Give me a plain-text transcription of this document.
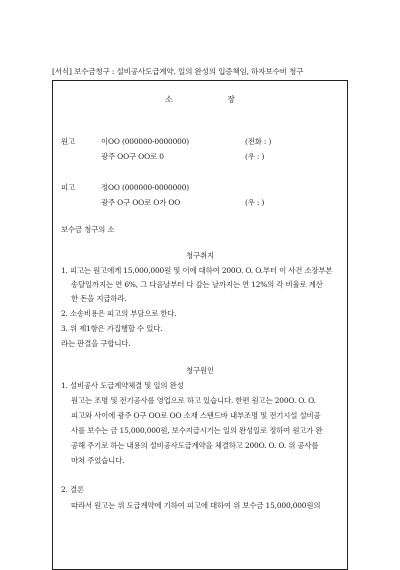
[서식] 보수금청구 : 설비공사도급계약, 일의 완성의 입증책임, 하자보수비 청구
소 장
원고	이OO (000000-0000000)	(전화 : )
광주 OO구 OO로 0	(우 : )
피고	정OO (000000-0000000)
광주 O구 OO로 O가 OO	(우 : )
보수금 청구의 소
청구취지
1. 피고는 원고에게 15,000,000원 및 이에 대하여 200O. O. O.부터 이 사건 소장부본
송달일까지는 연 6%, 그 다음날부터 다 갚는 날까지는 연 12%의 각 비율로 계산
한 돈을 지급하라.
2. 소송비용은 피고의 부담으로 한다.
3. 위 제1항은 가집행할 수 있다.
라는 판결을 구합니다.
청구원인
1. 설비공사 도급계약체결 및 일의 완성
원고는 조명 및 전기공사를 영업으로 하고 있습니다. 한편 원고는 200O. O. O.
피고와 사이에 광주 O구 OO로 OO 소재 스탠드바 내부조명 및 전기시설 설비공
사를 보수는 금 15,000,000원, 보수지급시기는 일의 완성일로 정하여 원고가 완
공해 주기로 하는 내용의 설비공사도급계약을 체결하고 200O. O. O. 위 공사를
마쳐 주었습니다.
2. 결론
따라서 원고는 위 도급계약에 기하여 피고에 대하여 위 보수금 15,000,000원의
